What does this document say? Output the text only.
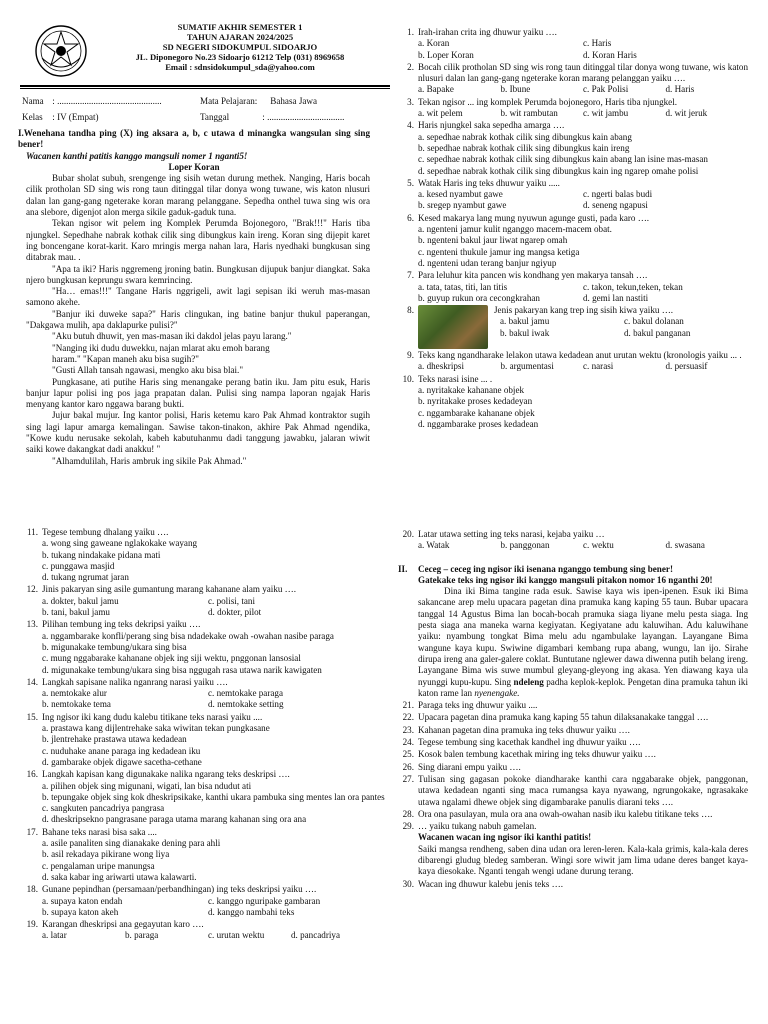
SUMATIF AKHIR SEMESTER 1
TAHUN AJARAN 2024/2025
SD NEGERI SIDOKUMPUL SIDOARJO
JL. Diponegoro No.23 Sidoarjo 61212 Telp (031) 8969658
Email : sdnsidokumpul_sda@yahoo.com
Nama : ..............................................	Mata Pelajaran: Bahasa Jawa
Kelas : IV (Empat)	Tanggal	: ..................................
I.Wenehana tandha ping (X) ing aksara a, b, c utawa d minangka wangsulan sing sing bener!
Wacanen kanthi patitis kanggo mangsuli nomer 1 nganti5!
Loper Koran

Bubar sholat subuh, srengenge ing sisih wetan durung methek. Nanging, Haris bocah cilik protholan SD sing wis rong taun ditinggal tilar donya wong tuwane, wis katon nlusuri dalan lan gang-gang ngeterake koran marang pelanggane. Sepedha onthel tuwa sing wis ora ana slebore, digenjot alon merga sikile gaduk-gaduk tuna.

Tekan ngisor wit pelem ing Komplek Perumda Bojonegoro, "Brak!!!" Haris tiba njungkel. Sepedhahe nabrak kothak cilik sing dibungkus kain ireng. Koran sing dijepit karet ing boncengane korat-karit. Karo mringis merga nahan lara, Haris nyedhaki bungkusan sing ditabrak mau. .

"Apa ta iki? Haris nggremeng jroning batin. Bungkusan dijupuk banjur diangkat. Saka njero bungkusan keprungu swara kemrincing.

"Ha… emas!!!" Tangane Haris nggrigeli, awit lagi sepisan iki weruh mas-masan samono akehe.

"Banjur iki duweke sapa?" Haris clingukan, ing batine banjur thukul paperangan, "Dakgawa mulih, apa daklapurke pulisi?"

"Aku butuh dhuwit, yen mas-masan iki dakdol jelas payu larang."

"Nanging iki dudu duwekku, najan mlarat aku emoh barang

haram." "Kapan maneh aku bisa sugih?"

"Gusti Allah tansah ngawasi, mengko aku bisa blai."

Pungkasane, ati putihe Haris sing menangake perang batin iku. Jam pitu esuk, Haris banjur lapur polisi ing pos jaga prapatan dalan. Pulisi sing nampa laporan ngajak Haris menyang kantor karo nggawa barang bukti.

Jujur bakal mujur. Ing kantor polisi, Haris ketemu karo Pak Ahmad kontraktor sugih sing lagi lapur amarga kemalingan. Sawise takon-tinakon, akhire Pak Ahmad ngendika, "Kowe kudu nerusake sekolah, kabeh kabutuhanmu dadi tanggung jawabku, jalaran wiwit saiki kowe dakangkat dadi anakku! "

"Alhamdulilah, Haris ambruk ing sikile Pak Ahmad."

1. Irah-irahan crita ing dhuwur yaiku ….
a. Koran	c. Haris
b. Loper Koran	d. Koran Haris
2. Bocah cilik protholan SD sing wis rong taun ditinggal tilar donya wong tuwane, wis katon nlusuri dalan lan gang-gang ngeterake koran marang pelanggan yaiku ….
a. Bapake	b. Ibune	c. Pak Polisi	d. Haris
3. Tekan ngisor ... ing komplek Perumda bojonegoro, Haris tiba njungkel.
a. wit pelem	b. wit rambutan	c. wit jambu	d. wit jeruk
4. Haris njungkel saka sepedha amarga ….
a. sepedhae nabrak kothak cilik sing dibungkus kain abang
b. sepedhae nabrak kothak cilik sing dibungkus kain ireng
c. sepedhae nabrak kothak cilik sing dibungkus kain abang lan isine mas-masan
d. sepedhae nabrak kothak cilik sing dibungkus kain ing ngarep omahe polisi
5. Watak Haris ing teks dhuwur yaiku .....
a. kesed nyambut gawe	c. ngerti balas budi
b. sregep nyambut gawe	d. seneng ngapusi
6. Kesed makarya lang mung nyuwun agunge gusti, pada karo ….
a. ngenteni jamur kulit nganggo macem-macem obat.
b. ngenteni bakul jaur liwat ngarep omah
c. ngenteni thukule jamur ing mangsa ketiga
d. ngenteni udan terang banjur ngiyup
7. Para leluhur kita pancen wis kondhang yen makarya tansah ….
a. tata, tatas, titi, lan titis	c. takon, tekun,teken, tekan
b. guyup rukun ora cecongkrahan	d. gemi lan nastiti
8.	Jenis pakaryan kang trep ing sisih kiwa yaiku ….
a. bakul jamu	c. bakul dolanan
b. bakul iwak	d. bakul panganan
9. Teks kang ngandharake lelakon utawa kedadean anut urutan wektu (kronologis yaiku ... .
a. dheskripsi	b. argumentasi	c. narasi	d. persuasif
10. Teks narasi isine ... .
a. nyritakake kahanane objek
b. nyritakake proses kedadeyan
c. nggambarake kahanane objek
d. nggambarake proses kedadean
11. Tegese tembung dhalang yaiku ….
a. wong sing gaweane nglakokake wayang
b. tukang nindakake pidana mati
c. punggawa masjid
d. tukang ngrumat jaran
12. Jinis pakaryan sing asile gumantung marang kahanane alam yaiku ….
a. dokter, bakul jamu	c. polisi, tani
b. tani, bakul jamu	d. dokter, pilot
13. Pilihan tembung ing teks dekripsi yaiku ….
a. nggambarake konfli/perang sing bisa ndadekake owah -owahan nasibe paraga
b. migunakake tembung/ukara sing bisa
c. mung nggabarake kahanane objek ing siji wektu, pnggonan lansosial
d. migunakake tembung/ukara sing bisa nggugah rasa utawa narik kawigaten
14. Langkah sapisane nalika nganrang narasi yaiku ….
a. nemtokake alur	c. nemtokake paraga
b. nemtokake tema	d. nemtokake setting
15. Ing ngisor iki kang dudu kalebu titikane teks narasi yaiku ....
a. prastawa kang dijlentrehake saka wiwitan tekan pungkasane
b. jlentrehake prastawa utawa kedadean
c. nuduhake anane paraga ing kedadean iku
d. gambarake objek digawe sacetha-cethane
16. Langkah kapisan kang digunakake nalika ngarang teks deskripsi ….
a. pilihen objek sing migunani, wigati, lan bisa ndudut ati
b. tepungake objek sing kok dheskripsikake, kanthi ukara pambuka sing mentes lan ora pantes
c. sangkuten pancadriya pangrasa
d. dheskripsekno pangrasane paraga utama marang kahanan sing ora ana
17. Bahane teks narasi bisa saka ....
a. asile panaliten sing dianakake dening para ahli
b. asil rekadaya pikirane wong liya
c. pengalaman uripe manungsa
d. saka kabar ing ariwarti utawa kalawarti.
18. Gunane pepindhan (persamaan/perbandhingan) ing teks deskripsi yaiku ….
a. supaya katon endah	c. kanggo nguripake gambaran
b. supaya katon akeh	d. kanggo nambahi teks
19. Karangan dheskripsi ana gegayutan karo ….
a. latar	b. paraga	c. urutan wektu	d. pancadriya
20. Latar utawa setting ing teks narasi, kejaba yaiku …
a. Watak	b. panggonan	c. wektu	d. swasana
II.	Ceceg – ceceg ing ngisor iki isenana nganggo tembung sing bener!
Gatekake teks ing ngisor iki kanggo mangsuli pitakon nomor 16 nganthi 20!
Dina iki Bima tangine rada esuk. Sawise kaya wis ipen-ipenen. Esuk iki Bima sakancane arep melu upacara pagetan dina pramuka kang kaping 55 taun. Bubar upacara tanggal 14 Agustus Bima lan bocah-bocah pramuka siaga liyane melu pesta siaga. Ing pesta siaga ana maneka warna kegiyatan. Kegiyatane adu kaluwihan. Adu kaluwihane yaiku: nyambung tongkat Bima melu adu ngambulake layangan. Layangane Bima wangune kaya kupu. Swiwine digambari kembang rupa abang, wungu, lan ijo. Sirahe dirupa ireng ana galer-galere coklat. Buntutane nglewer dawa diwenna putih belang ireng. Layangane Bima wis suwe mumbul gleyang-gleyong ing akasa. Yen diawang kaya ula nyunggi kupu-kupu. Sing ndeleng padha keplok-keplok. Pengetan dina pramuka tahun iki katon rame lan nyenengake.
21. Paraga teks ing dhuwur yaiku ....
22. Upacara pagetan dina pramuka kang kaping 55 tahun dilaksanakake tanggal ….
23. Kahanan pagetan dina pramuka ing teks dhuwur yaiku ….
24. Tegese tembung sing kacethak kandhel ing dhuwur yaiku ….
25. Kosok balen tembung kacethak miring ing teks dhuwur yaiku ….
26. Sing diarani empu yaiku ….
27. Tulisan sing gagasan pokoke diandharake kanthi cara nggabarake objek, panggonan, utawa kedadean nganti sing maca rumangsa kaya nyawang, ngrungokake, ngrasakake utawa ngalami dhewe objek sing digambarake panulis diarani teks ….
28. Ora ona pasulayan, mula ora ana owah-owahan nasib iku kalebu titikane teks ….
29. … yaiku tukang nabuh gamelan.
Wacanen wacan ing ngisor iki kanthi patitis!
Saiki mangsa rendheng, saben dina udan ora leren-leren. Kala-kala grimis, kala-kala deres dibarengi gludug bledeg samberan. Wingi sore wiwit jam lima udane deres banget kaya-kaya diesokake. Nganti tengah wengi udane durung terang.
30. Wacan ing dhuwur kalebu jenis teks ….
